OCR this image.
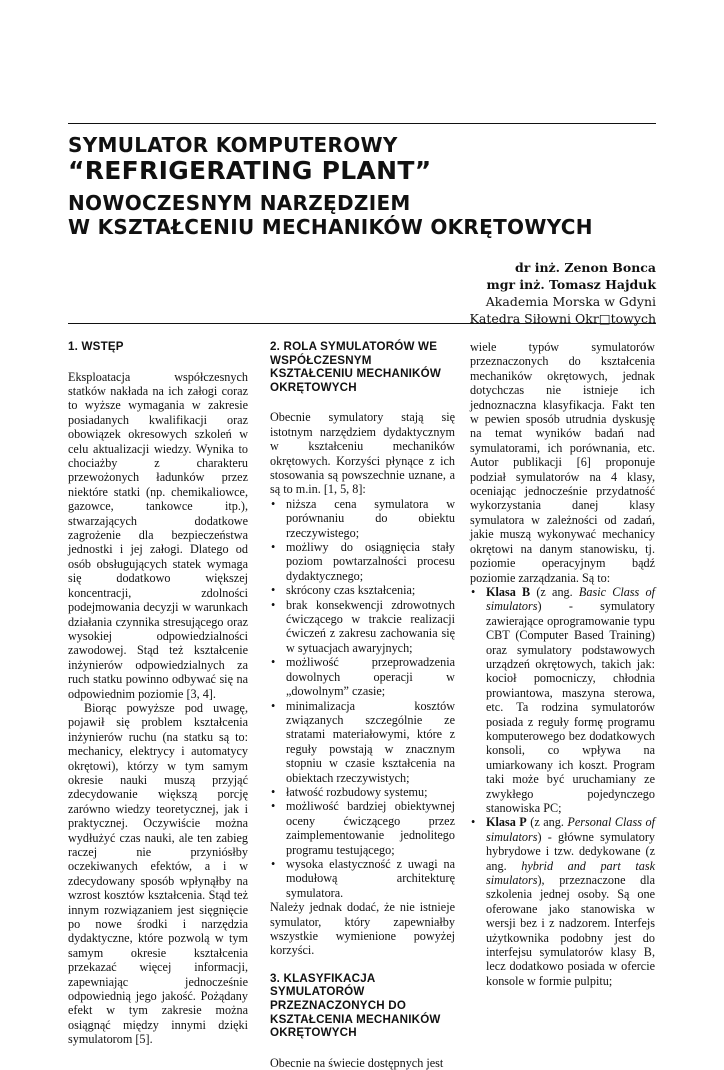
SYMULATOR KOMPUTEROWY
“REFRIGERATING PLANT”
NOWOCZESNYM NARZĘDZIEM
W KSZTAŁCENIU MECHANIKÓW OKRĘTOWYCH
dr inż. Zenon Bonca
mgr inż. Tomasz Hajduk
Akademia Morska w Gdyni
Katedra Siłowni Okr□towych
1. WSTĘP

Eksploatacja współczesnych statków nakłada na ich załogi coraz to wyższe wymagania w zakresie posiadanych kwalifikacji oraz obowiązek okresowych szkoleń w celu aktualizacji wiedzy. Wynika to chociażby z charakteru przewożonych ładunków przez niektóre statki (np. chemikaliowce, gazowce, tankowce itp.), stwarzających dodatkowe zagrożenie dla bezpieczeństwa jednostki i jej załogi. Dlatego od osób obsługujących statek wymaga się dodatkowo większej koncentracji, zdolności podejmowania decyzji w warunkach działania czynnika stresującego oraz wysokiej odpowiedzialności zawodowej. Stąd też kształcenie inżynierów odpowiedzialnych za ruch statku powinno odbywać się na odpowiednim poziomie [3, 4].

Biorąc powyższe pod uwagę, pojawił się problem kształcenia inżynierów ruchu (na statku są to: mechanicy, elektrycy i automatycy okrętowi), którzy w tym samym okresie nauki muszą przyjąć zdecydowanie większą porcję zarówno wiedzy teoretycznej, jak i praktycznej. Oczywiście można wydłużyć czas nauki, ale ten zabieg raczej nie przyniósłby oczekiwanych efektów, a i w zdecydowany sposób wpłynąłby na wzrost kosztów kształcenia. Stąd też innym rozwiązaniem jest sięgnięcie po nowe środki i narzędzia dydaktyczne, które pozwolą w tym samym okresie kształcenia przekazać więcej informacji, zapewniając jednocześnie odpowiednią jego jakość. Pożądany efekt w tym zakresie można osiągnąć między innymi dzięki symulatorom [5].

2. ROLA SYMULATORÓW WE WSPÓŁCZESNYM KSZTAŁCENIU MECHANIKÓW OKRĘTOWYCH

Obecnie symulatory stają się istotnym narzędziem dydaktycznym w kształceniu mechaników okrętowych. Korzyści płynące z ich stosowania są powszechnie uznane, a są to m.in. [1, 5, 8]:

• niższa cena symulatora w porównaniu do obiektu rzeczywistego;
• możliwy do osiągnięcia stały poziom powtarzalności procesu dydaktycznego;
• skrócony czas kształcenia;
• brak konsekwencji zdrowotnych ćwiczącego w trakcie realizacji ćwiczeń z zakresu zachowania się w sytuacjach awaryjnych;
• możliwość przeprowadzenia dowolnych operacji w „dowolnym” czasie;
• minimalizacja kosztów związanych szczególnie ze stratami materiałowymi, które z reguły powstają w znacznym stopniu w czasie kształcenia na obiektach rzeczywistych;
• łatwość rozbudowy systemu;
• możliwość bardziej obiektywnej oceny ćwiczącego przez zaimplementowanie jednolitego programu testującego;
• wysoka elastyczność z uwagi na modułową architekturę symulatora.

Należy jednak dodać, że nie istnieje symulator, który zapewniałby wszystkie wymienione powyżej korzyści.

3. KLASYFIKACJA SYMULATORÓW PRZEZNACZONYCH DO KSZTAŁCENIA MECHANIKÓW OKRĘTOWYCH

Obecnie na świecie dostępnych jest

wiele typów symulatorów przeznaczonych do kształcenia mechaników okrętowych, jednak dotychczas nie istnieje ich jednoznaczna klasyfikacja. Fakt ten w pewien sposób utrudnia dyskusję na temat wyników badań nad symulatorami, ich porównania, etc. Autor publikacji [6] proponuje podział symulatorów na 4 klasy, oceniając jednocześnie przydatność wykorzystania danej klasy symulatora w zależności od zadań, jakie muszą wykonywać mechanicy okrętowi na danym stanowisku, tj. poziomie operacyjnym bądź poziomie zarządzania. Są to:

• Klasa B (z ang. Basic Class of simulators) - symulatory zawierające oprogramowanie typu CBT (Computer Based Training) oraz symulatory podstawowych urządzeń okrętowych, takich jak: kocioł pomocniczy, chłodnia prowiantowa, maszyna sterowa, etc. Ta rodzina symulatorów posiada z reguły formę programu komputerowego bez dodatkowych konsoli, co wpływa na umiarkowany ich koszt. Program taki może być uruchamiany ze zwykłego pojedynczego stanowiska PC;
• Klasa P (z ang. Personal Class of simulators) - główne symulatory hybrydowe i tzw. dedykowane (z ang. hybrid and part task simulators), przeznaczone dla szkolenia jednej osoby. Są one oferowane jako stanowiska w wersji bez i z nadzorem. Interfejs użytkownika podobny jest do interfejsu symulatorów klasy B, lecz dodatkowo posiada w ofercie konsole w formie pulpitu;
